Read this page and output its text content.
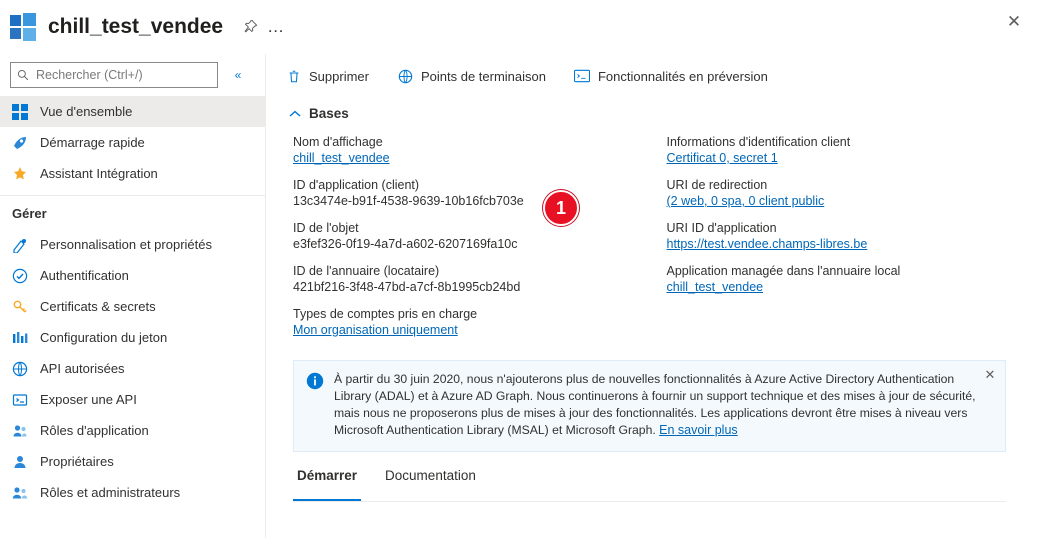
chill_test_vendee	…	✕
Rechercher (Ctrl+/)
«
Vue d'ensemble
Démarrage rapide
Assistant Intégration
Gérer
Personnalisation et propriétés
Authentification
Certificats & secrets
Configuration du jeton
API autorisées
Exposer une API
Rôles d'application
Propriétaires
Rôles et administrateurs
Supprimer	Points de terminaison	Fonctionnalités en préversion
Bases
Nom d'affichage
chill_test_vendee
ID d'application (client)
13c3474e-b91f-4538-9639-10b16fcb703e
ID de l'objet
e3fef326-0f19-4a7d-a602-6207169fa10c
ID de l'annuaire (locataire)
421bf216-3f48-47bd-a7cf-8b1995cb24bd
Types de comptes pris en charge
Mon organisation uniquement
Informations d'identification client
Certificat 0, secret 1
URI de redirection
(2 web, 0 spa, 0 client public
URI ID d'application
https://test.vendee.champs-libres.be
Application managée dans l'annuaire local
chill_test_vendee
1
À partir du 30 juin 2020, nous n'ajouterons plus de nouvelles fonctionnalités à Azure Active Directory Authentication Library (ADAL) et à Azure AD Graph. Nous continuerons à fournir un support technique et des mises à jour de sécurité, mais nous ne proposerons plus de mises à jour des fonctionnalités. Les applications devront être mises à niveau vers Microsoft Authentication Library (MSAL) et Microsoft Graph. En savoir plus
✕
Démarrer Documentation
